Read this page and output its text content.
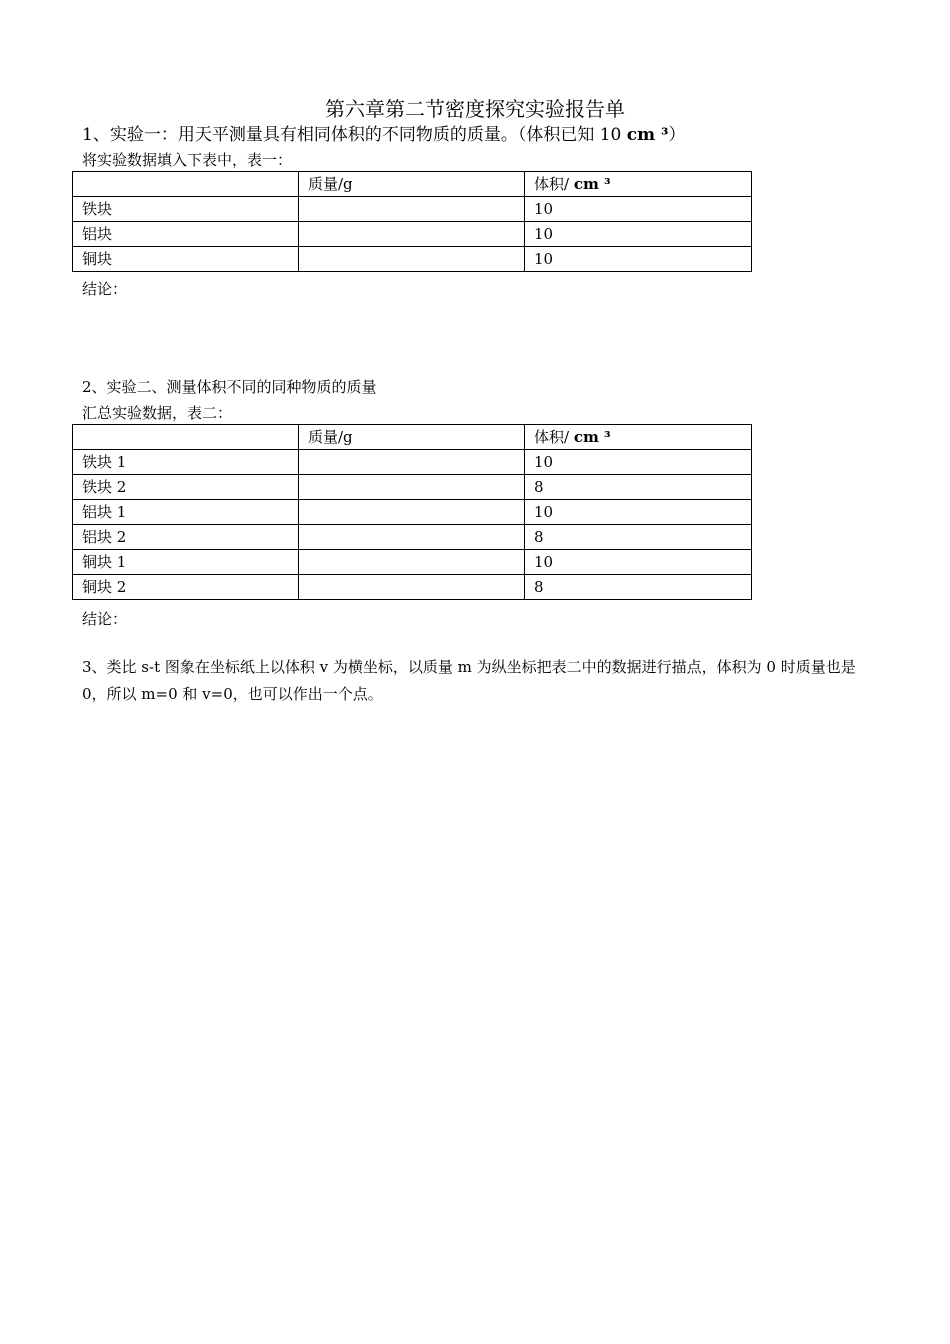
第六章第二节密度探究实验报告单
1、实验一：用天平测量具有相同体积的不同物质的质量。（体积已知 10 cm ³）
将实验数据填入下表中，表一：
	质量/g	体积/ cm ³
铁块		10
铝块		10
铜块		10
结论：
2、实验二、测量体积不同的同种物质的质量
汇总实验数据，表二：
	质量/g	体积/ cm ³
铁块 1		10
铁块 2		8
铝块 1		10
铝块 2		8
铜块 1		10
铜块 2		8
结论：
3、类比 s-t 图象在坐标纸上以体积 v 为横坐标，以质量 m 为纵坐标把表二中的数据进行描点，体积为 0 时质量也是 0，所以 m=0 和 v=0，也可以作出一个点。
